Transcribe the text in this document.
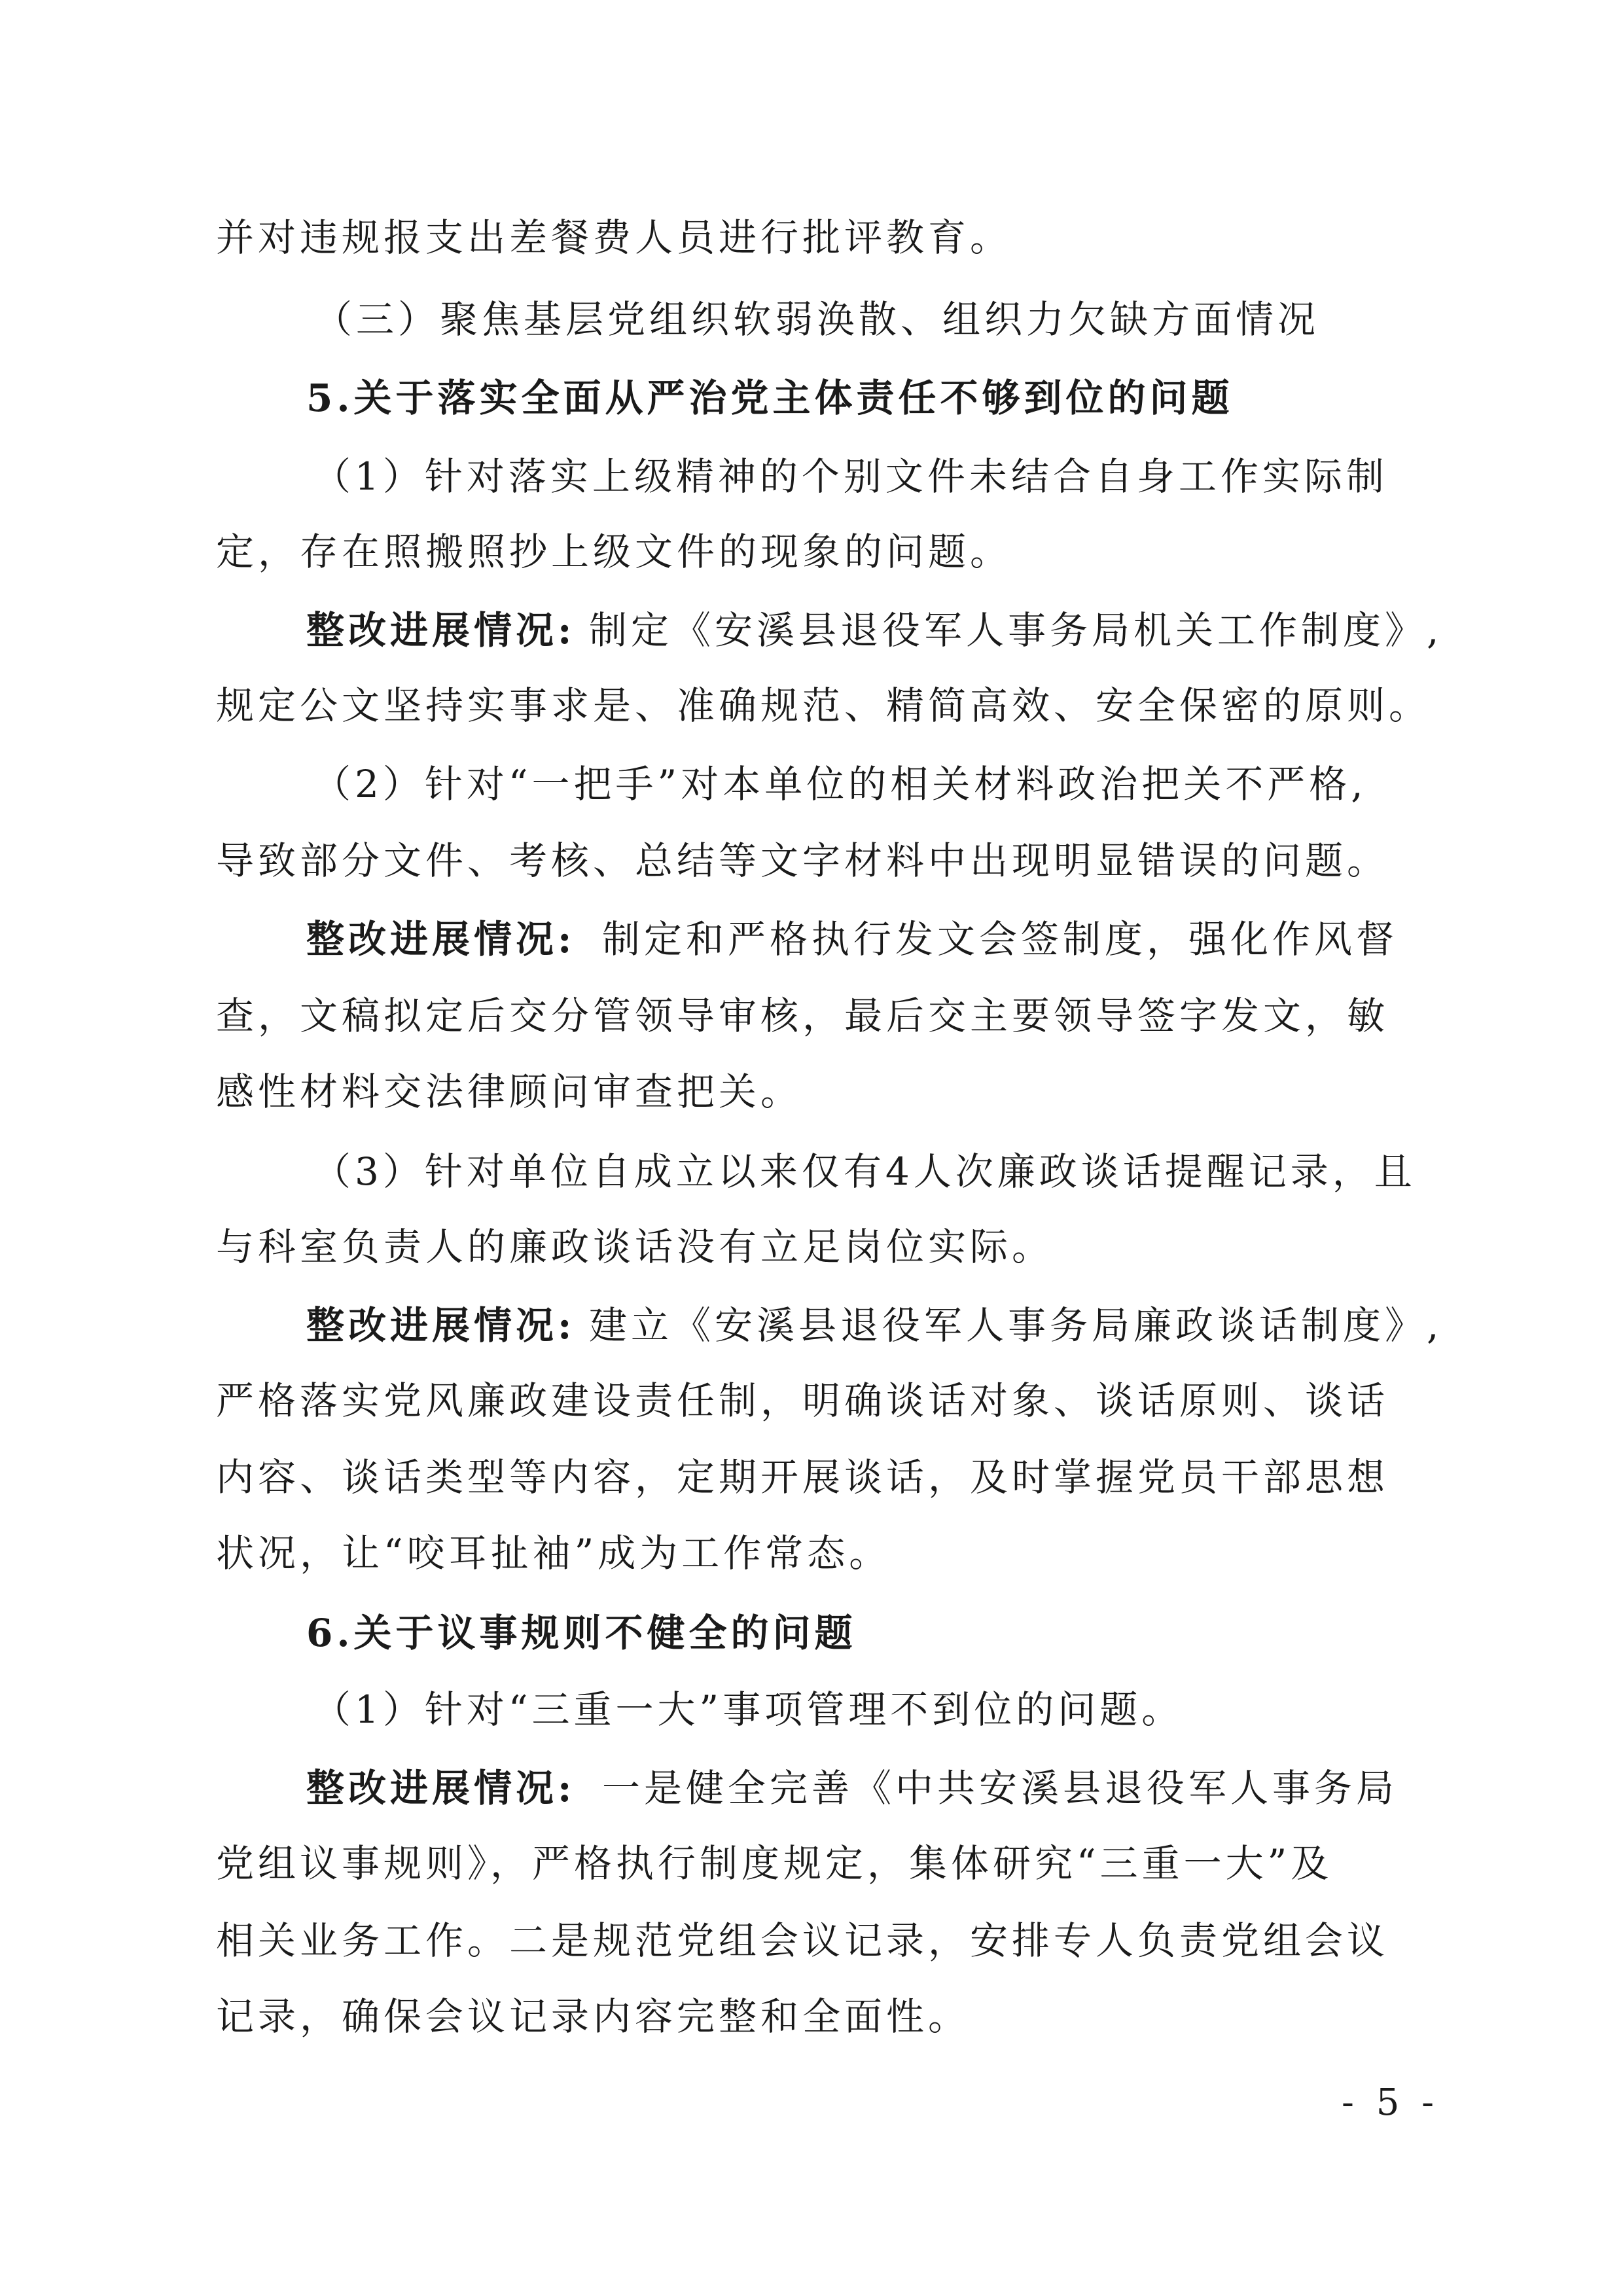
并对违规报支出差餐费人员进行批评教育。
（三）聚焦基层党组织软弱涣散、组织力欠缺方面情况
5.关于落实全面从严治党主体责任不够到位的问题
（1）针对落实上级精神的个别文件未结合自身工作实际制
定，存在照搬照抄上级文件的现象的问题。
整改进展情况: 制定《安溪县退役军人事务局机关工作制度》,
规定公文坚持实事求是、准确规范、精简高效、安全保密的原则。
（2）针对“一把手”对本单位的相关材料政治把关不严格,
导致部分文件、考核、总结等文字材料中出现明显错误的问题。
整改进展情况: 制定和严格执行发文会签制度，强化作风督
查，文稿拟定后交分管领导审核，最后交主要领导签字发文，敏
感性材料交法律顾问审查把关。
（3）针对单位自成立以来仅有4人次廉政谈话提醒记录，且
与科室负责人的廉政谈话没有立足岗位实际。
整改进展情况: 建立《安溪县退役军人事务局廉政谈话制度》,
严格落实党风廉政建设责任制，明确谈话对象、谈话原则、谈话
内容、谈话类型等内容，定期开展谈话，及时掌握党员干部思想
状况，让“咬耳扯袖”成为工作常态。
6.关于议事规则不健全的问题
（1）针对“三重一大”事项管理不到位的问题。
整改进展情况: 一是健全完善《中共安溪县退役军人事务局
党组议事规则》，严格执行制度规定，集体研究“三重一大”及
相关业务工作。二是规范党组会议记录，安排专人负责党组会议
记录，确保会议记录内容完整和全面性。
- 5 -
